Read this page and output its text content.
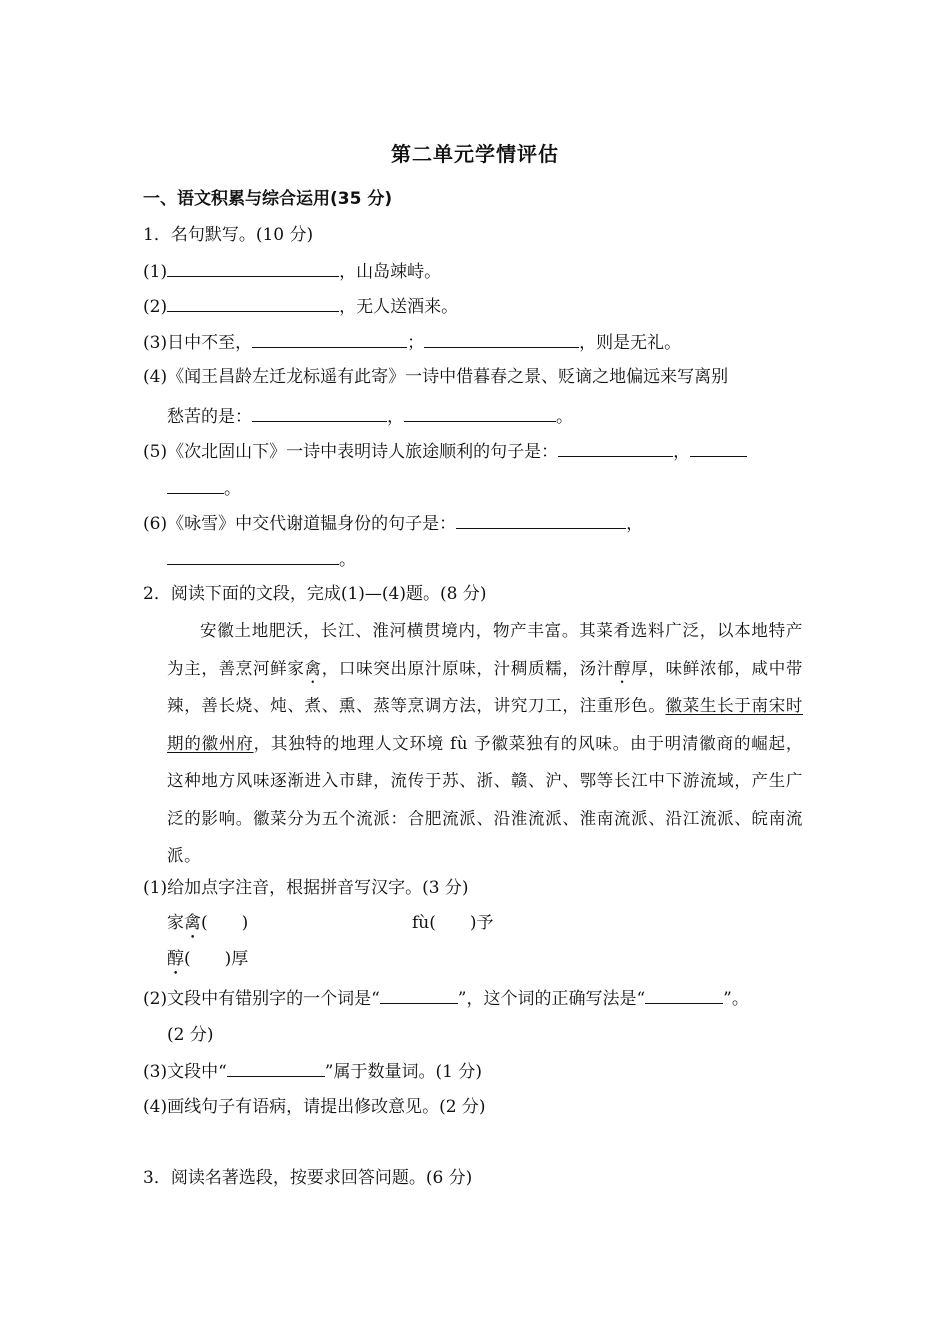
第二单元学情评估
一、语文积累与综合运用(35 分)
1．名句默写。(10 分)
(1)	，山岛竦峙。
(2)	，无人送酒来。
(3)日中不至，	；	，则是无礼。
(4)《闻王昌龄左迁龙标遥有此寄》一诗中借暮春之景、贬谪之地偏远来写离别
愁苦的是：	，	。
(5)《次北固山下》一诗中表明诗人旅途顺利的句子是：	，
。
(6)《咏雪》中交代谢道韫身份的句子是：	，
。
2．阅读下面的文段，完成(1)—(4)题。(8 分)
安徽土地肥沃，长江、淮河横贯境内，物产丰富。其菜肴选料广泛，以本地特产为主，善烹河鲜家禽，口味突出原汁原味，汁稠质糯，汤汁醇厚，味鲜浓郁，咸中带辣，善长烧、炖、煮、熏、蒸等烹调方法，讲究刀工，注重形色。徽菜生长于南宋时期的徽州府，其独特的地理人文环境 fù 予徽菜独有的风味。由于明清徽商的崛起，这种地方风味逐渐进入市肆，流传于苏、浙、赣、沪、鄂等长江中下游流域，产生广泛的影响。徽菜分为五个流派：合肥流派、沿淮流派、淮南流派、沿江流派、皖南流派。
(1)给加点字注音，根据拼音写汉字。(3 分)
家禽(　　)	fù(　　)予
醇(　　)厚
(2)文段中有错别字的一个词是“	”，这个词的正确写法是“	”。
(2 分)
(3)文段中“	”属于数量词。(1 分)
(4)画线句子有语病，请提出修改意见。(2 分)
3．阅读名著选段，按要求回答问题。(6 分)
